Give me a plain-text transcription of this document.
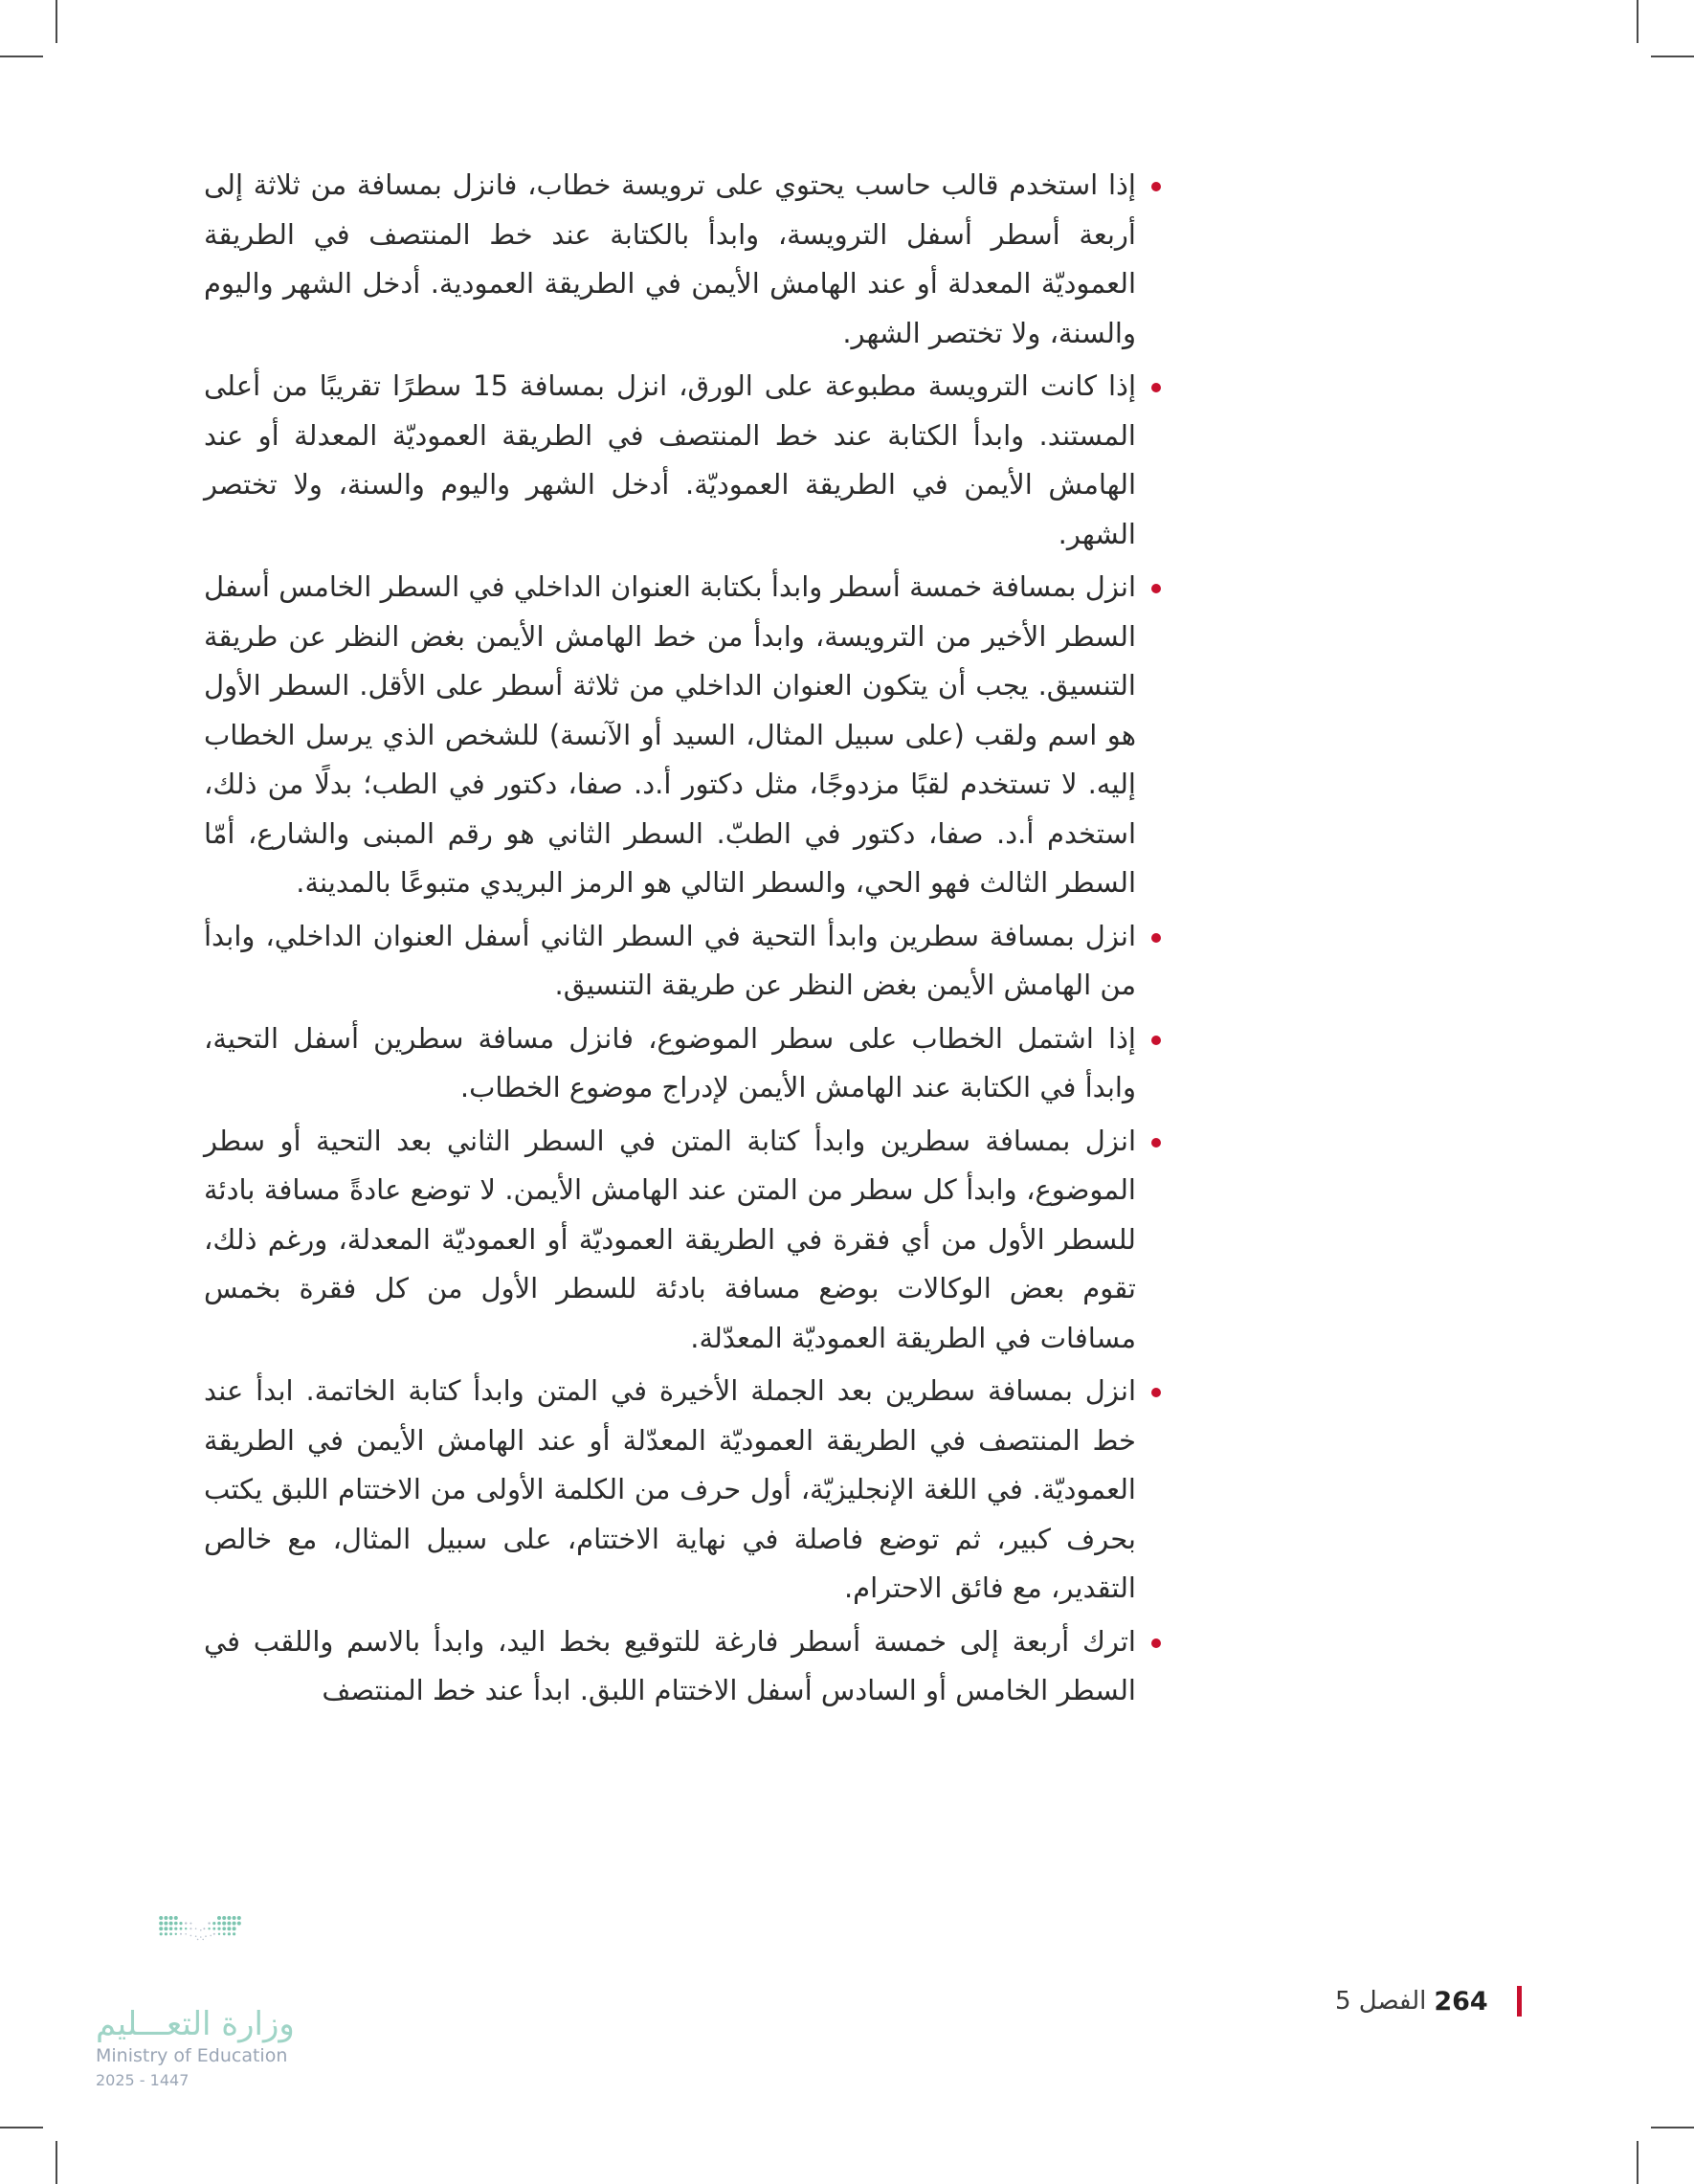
إذا استخدم قالب حاسب يحتوي على ترويسة خطاب، فانزل بمسافة من ثلاثة إلى أربعة أسطر أسفل الترويسة، وابدأ بالكتابة عند خط المنتصف في الطريقة العموديّة المعدلة أو عند الهامش الأيمن في الطريقة العمودية. أدخل الشهر واليوم والسنة، ولا تختصر الشهر.
إذا كانت الترويسة مطبوعة على الورق، انزل بمسافة 15 سطرًا تقريبًا من أعلى المستند. وابدأ الكتابة عند خط المنتصف في الطريقة العموديّة المعدلة أو عند الهامش الأيمن في الطريقة العموديّة. أدخل الشهر واليوم والسنة، ولا تختصر الشهر.
انزل بمسافة خمسة أسطر وابدأ بكتابة العنوان الداخلي في السطر الخامس أسفل السطر الأخير من الترويسة، وابدأ من خط الهامش الأيمن بغض النظر عن طريقة التنسيق. يجب أن يتكون العنوان الداخلي من ثلاثة أسطر على الأقل. السطر الأول هو اسم ولقب (على سبيل المثال، السيد أو الآنسة) للشخص الذي يرسل الخطاب إليه. لا تستخدم لقبًا مزدوجًا، مثل دكتور أ.د. صفا، دكتور في الطب؛ بدلًا من ذلك، استخدم أ.د. صفا، دكتور في الطبّ. السطر الثاني هو رقم المبنى والشارع، أمّا السطر الثالث فهو الحي، والسطر التالي هو الرمز البريدي متبوعًا بالمدينة.
انزل بمسافة سطرين وابدأ التحية في السطر الثاني أسفل العنوان الداخلي، وابدأ من الهامش الأيمن بغض النظر عن طريقة التنسيق.
إذا اشتمل الخطاب على سطر الموضوع، فانزل مسافة سطرين أسفل التحية، وابدأ في الكتابة عند الهامش الأيمن لإدراج موضوع الخطاب.
انزل بمسافة سطرين وابدأ كتابة المتن في السطر الثاني بعد التحية أو سطر الموضوع، وابدأ كل سطر من المتن عند الهامش الأيمن. لا توضع عادةً مسافة بادئة للسطر الأول من أي فقرة في الطريقة العموديّة أو العموديّة المعدلة، ورغم ذلك، تقوم بعض الوكالات بوضع مسافة بادئة للسطر الأول من كل فقرة بخمس مسافات في الطريقة العموديّة المعدّلة.
انزل بمسافة سطرين بعد الجملة الأخيرة في المتن وابدأ كتابة الخاتمة. ابدأ عند خط المنتصف في الطريقة العموديّة المعدّلة أو عند الهامش الأيمن في الطريقة العموديّة. في اللغة الإنجليزيّة، أول حرف من الكلمة الأولى من الاختتام اللبق يكتب بحرف كبير، ثم توضع فاصلة في نهاية الاختتام، على سبيل المثال، مع خالص التقدير، مع فائق الاحترام.
اترك أربعة إلى خمسة أسطر فارغة للتوقيع بخط اليد، وابدأ بالاسم واللقب في السطر الخامس أو السادس أسفل الاختتام اللبق. ابدأ عند خط المنتصف
وزارة التعـــليم
Ministry of Education
2025 - 1447
264
الفصل 5
